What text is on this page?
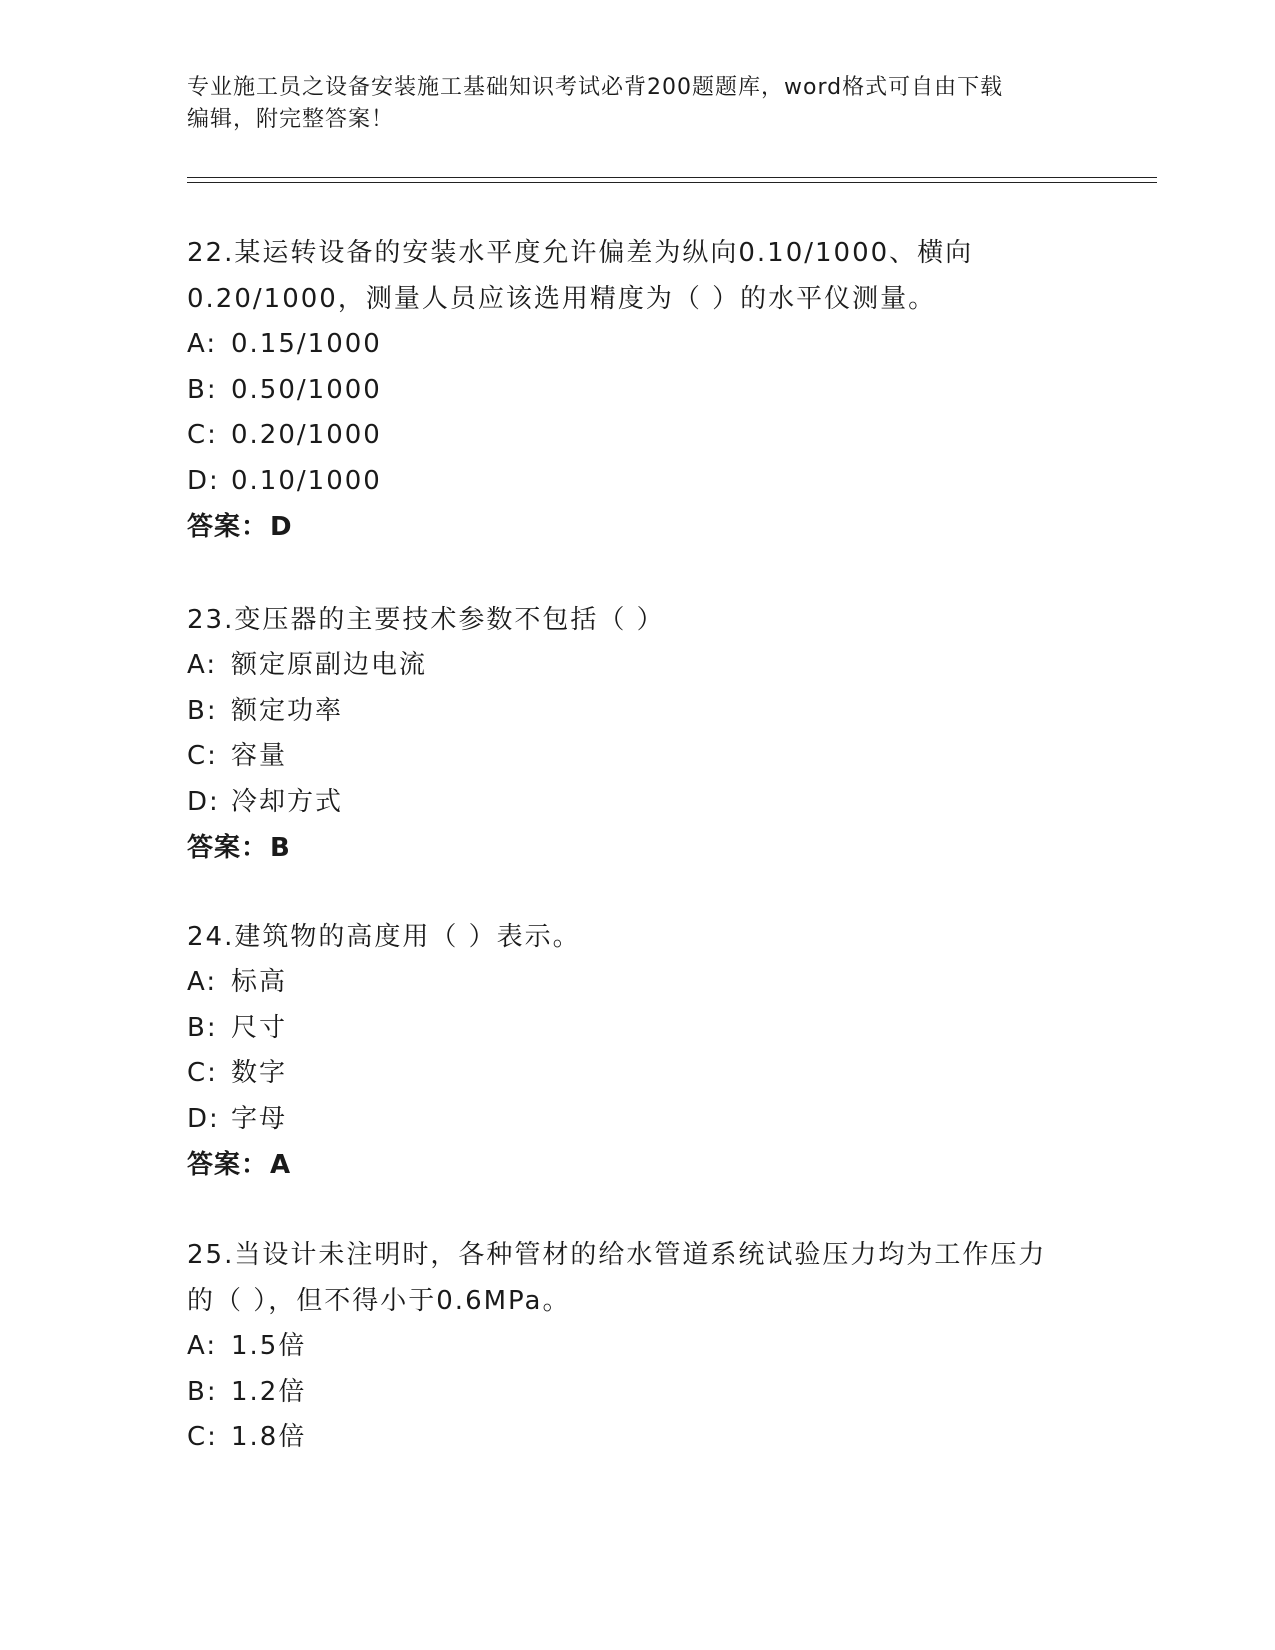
专业施工员之设备安装施工基础知识考试必背200题题库，word格式可自由下载
编辑，附完整答案！

22.某运转设备的安装水平度允许偏差为纵向0.10/1000、横向

0.20/1000，测量人员应该选用精度为（ ）的水平仪测量。

A: 0.15/1000

B: 0.50/1000

C: 0.20/1000

D: 0.10/1000

答案：D

23.变压器的主要技术参数不包括（ ）

A: 额定原副边电流

B: 额定功率

C: 容量

D: 冷却方式

答案：B

24.建筑物的高度用（ ）表示。

A: 标高

B: 尺寸

C: 数字

D: 字母

答案：A

25.当设计未注明时，各种管材的给水管道系统试验压力均为工作压力

的（ ），但不得小于0.6MPa。

A: 1.5倍

B: 1.2倍

C: 1.8倍
